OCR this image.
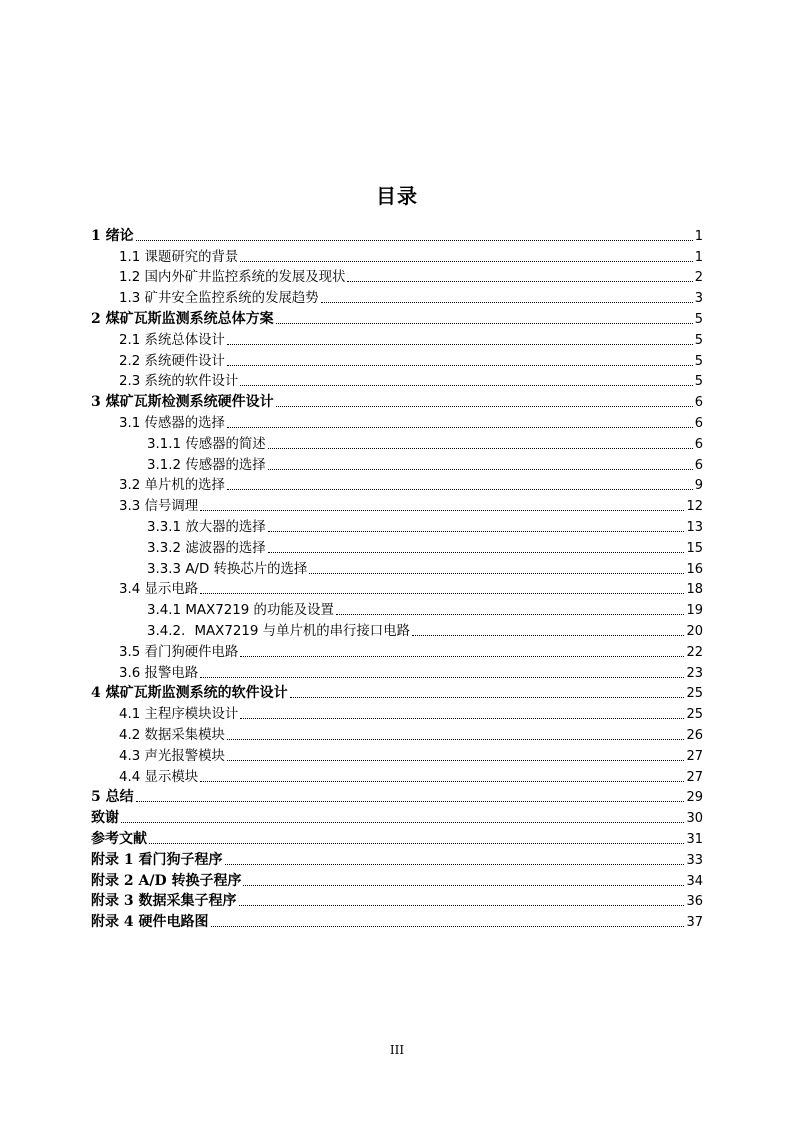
目录
1 绪论	1
1.1 课题研究的背景	1
1.2 国内外矿井监控系统的发展及现状	2
1.3 矿井安全监控系统的发展趋势	3
2 煤矿瓦斯监测系统总体方案	5
2.1 系统总体设计	5
2.2 系统硬件设计	5
2.3 系统的软件设计	5
3 煤矿瓦斯检测系统硬件设计	6
3.1 传感器的选择	6
3.1.1 传感器的简述	6
3.1.2 传感器的选择	6
3.2 单片机的选择	9
3.3 信号调理	12
3.3.1 放大器的选择	13
3.3.2 滤波器的选择	15
3.3.3 A/D 转换芯片的选择	16
3.4 显示电路	18
3.4.1 MAX7219 的功能及设置	19
3.4.2．MAX7219 与单片机的串行接口电路	20
3.5 看门狗硬件电路	22
3.6 报警电路	23
4 煤矿瓦斯监测系统的软件设计	25
4.1 主程序模块设计	25
4.2 数据采集模块	26
4.3 声光报警模块	27
4.4 显示模块	27
5 总结	29
致谢	30
参考文献	31
附录 1 看门狗子程序	33
附录 2 A/D 转换子程序	34
附录 3 数据采集子程序	36
附录 4 硬件电路图	37
III
